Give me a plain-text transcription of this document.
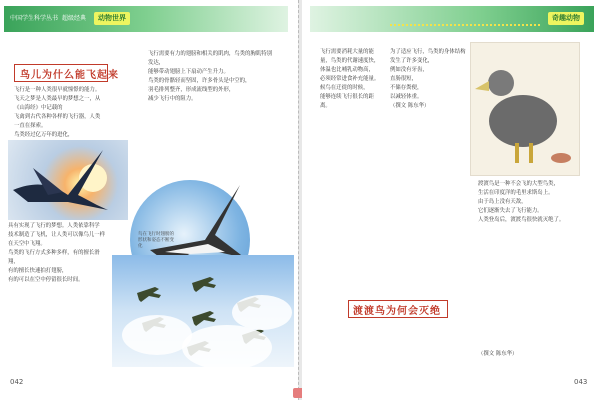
中国学生科学丛书 超级经典	动物世界
鸟儿为什么能飞起来
飞行是一种人类很早就憧憬的能力。飞天之梦是人类最早的梦想之一，从《山海经》中记载的
飞禽到古代各种各样的飞行器，人类一直在探索。
鸟类经过亿万年的进化，
飞行需要有力的翅膀和相关的肌肉，鸟类的胸肌特别发达，
能够带动翅膀上下扇动产生升力。
鸟类的骨骼轻而坚固，许多骨头是中空的，
羽毛排列整齐，形成流线型的外形，
减少飞行中的阻力。
具有实现了飞行的梦想。人类依靠科学
技术制造了飞机，让人类可以像鸟儿一样在天空中飞翔。
鸟类的飞行方式多种多样，有的擅长滑翔，
有的擅长快速拍打翅膀，
有的可以在空中停留很长时间。
鸟在飞行时翅膀的形状和姿态不断变化
042
奇趣动物
飞行需要消耗大量的能量，鸟类的代谢速度快，
体温也比哺乳动物高，
必须经常进食补充能量。
候鸟在迁徙的时候，
能够连续飞行很长的距离。
为了适应飞行，鸟类的身体结构发生了许多变化，
例如没有牙齿，
直肠很短，
不储存粪便，
以减轻体重。
（撰文 陈东华）
渡渡鸟是一种不会飞的大型鸟类，
生活在印度洋的毛里求斯岛上。
由于岛上没有天敌，
它们逐渐失去了飞行能力。
人类登岛后，渡渡鸟很快就灭绝了。
渡渡鸟为何会灭绝
（撰文 陈东华）
043
